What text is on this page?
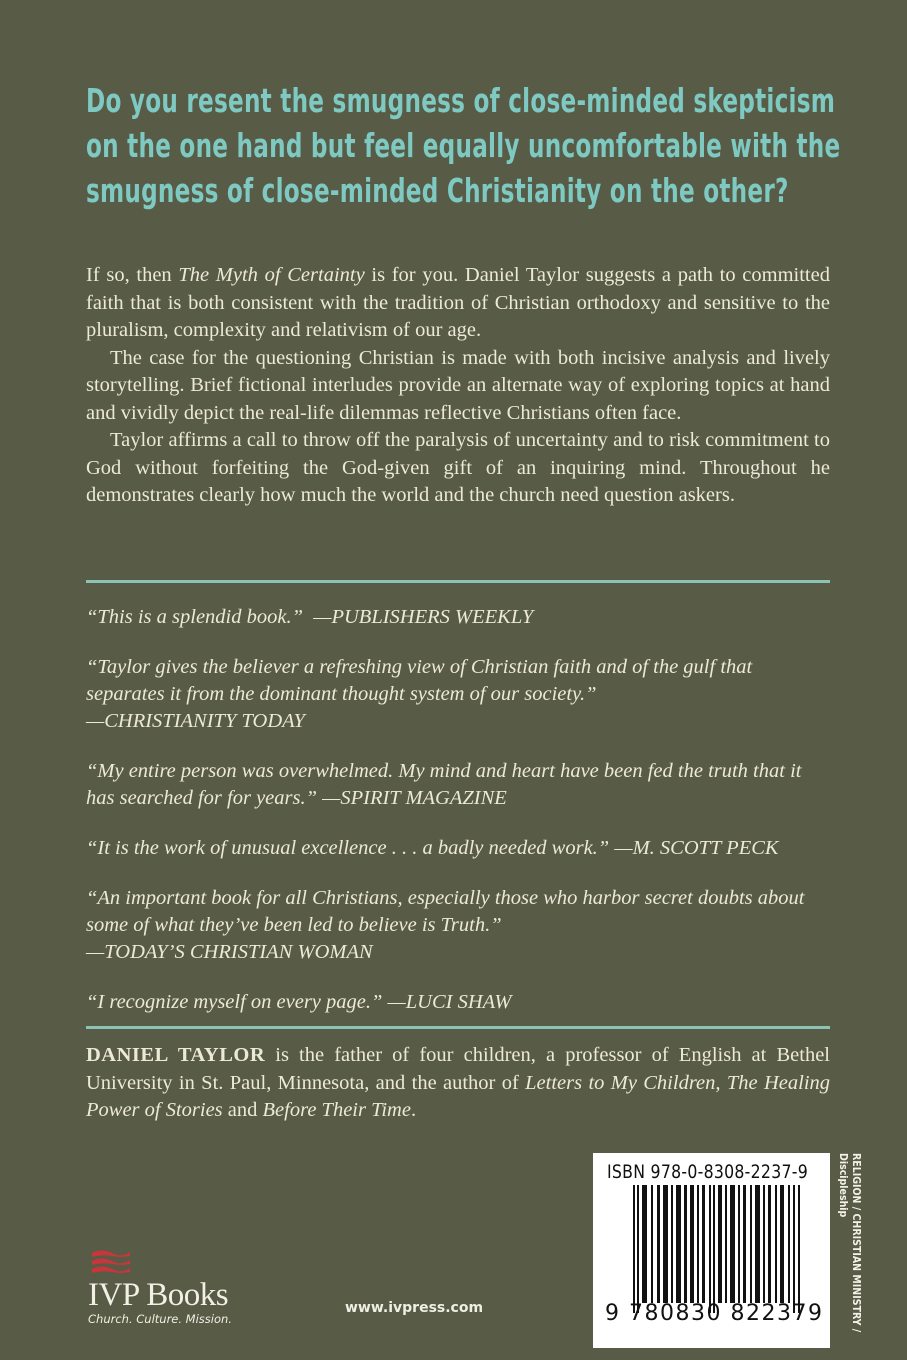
Do you resent the smugness of close-minded skepticism
on the one hand but feel equally uncomfortable with the
smugness of close-minded Christianity on the other?

If so, then The Myth of Certainty is for you. Daniel Taylor suggests a path to committed faith that is both consistent with the tradition of Christian orthodoxy and sensitive to the pluralism, complexity and relativism of our age.

The case for the questioning Christian is made with both incisive analysis and lively storytelling. Brief fictional interludes provide an alternate way of exploring topics at hand and vividly depict the real-life dilemmas reflective Christians often face.

Taylor affirms a call to throw off the paralysis of uncertainty and to risk commitment to God without forfeiting the God-given gift of an inquiring mind. Throughout he demonstrates clearly how much the world and the church need question askers.

“This is a splendid book.” —PUBLISHERS WEEKLY
“Taylor gives the believer a refreshing view of Christian faith and of the gulf that separates it from the dominant thought system of our society.”
—CHRISTIANITY TODAY
“My entire person was overwhelmed. My mind and heart have been fed the truth that it has searched for for years.” —SPIRIT MAGAZINE
“It is the work of unusual excellence . . . a badly needed work.” —M. SCOTT PECK
“An important book for all Christians, especially those who harbor secret doubts about some of what they’ve been led to believe is Truth.”
—TODAY’S CHRISTIAN WOMAN
“I recognize myself on every page.” —LUCI SHAW
DANIEL TAYLOR is the father of four children, a professor of English at Bethel University in St. Paul, Minnesota, and the author of Letters to My Children, The Healing Power of Stories and Before Their Time.
IVP Books
Church. Culture. Mission.
www.ivpress.com
ISBN 978-0-8308-2237-9
9 780830 822379	RELIGION / CHRISTIAN MINISTRY /
Discipleship
